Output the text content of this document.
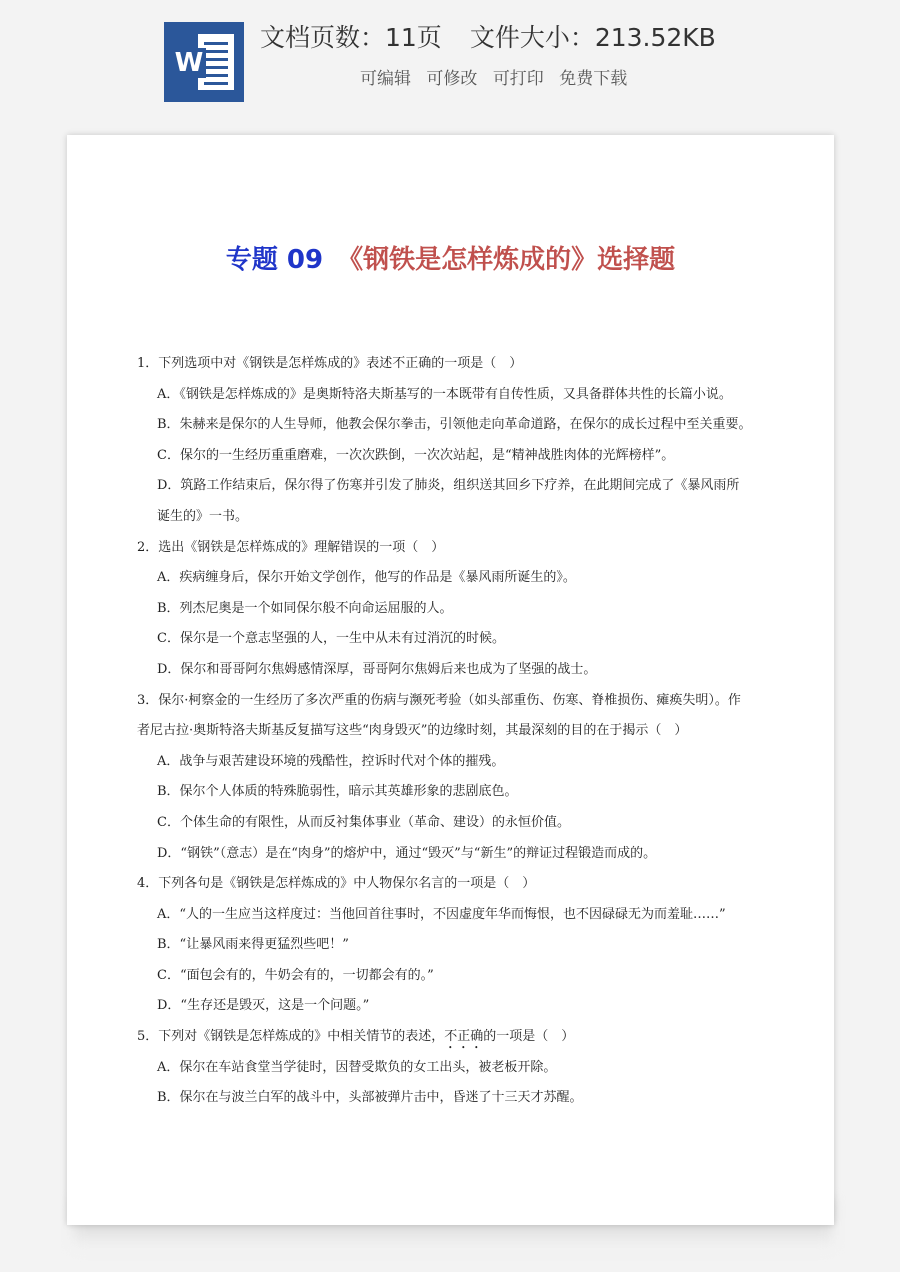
W
文档页数：11页 文件大小：213.52KB
可编辑 可修改 可打印 免费下载
专题 09 《钢铁是怎样炼成的》选择题
1．下列选项中对《钢铁是怎样炼成的》表述不正确的一项是（　）
A．《钢铁是怎样炼成的》是奥斯特洛夫斯基写的一本既带有自传性质，又具备群体共性的长篇小说。
B．朱赫来是保尔的人生导师，他教会保尔拳击，引领他走向革命道路，在保尔的成长过程中至关重要。
C．保尔的一生经历重重磨难，一次次跌倒，一次次站起，是“精神战胜肉体的光辉榜样”。
D．筑路工作结束后，保尔得了伤寒并引发了肺炎，组织送其回乡下疗养，在此期间完成了《暴风雨所
诞生的》一书。
2．选出《钢铁是怎样炼成的》理解错误的一项（　）
A．疾病缠身后，保尔开始文学创作，他写的作品是《暴风雨所诞生的》。
B．列杰尼奥是一个如同保尔般不向命运屈服的人。
C．保尔是一个意志坚强的人，一生中从未有过消沉的时候。
D．保尔和哥哥阿尔焦姆感情深厚，哥哥阿尔焦姆后来也成为了坚强的战士。
3．保尔·柯察金的一生经历了多次严重的伤病与濒死考验（如头部重伤、伤寒、脊椎损伤、瘫痪失明）。作
者尼古拉·奥斯特洛夫斯基反复描写这些“肉身毁灭”的边缘时刻，其最深刻的目的在于揭示（　）
A．战争与艰苦建设环境的残酷性，控诉时代对个体的摧残。
B．保尔个人体质的特殊脆弱性，暗示其英雄形象的悲剧底色。
C．个体生命的有限性，从而反衬集体事业（革命、建设）的永恒价值。
D．“钢铁”（意志）是在“肉身”的熔炉中，通过“毁灭”与“新生”的辩证过程锻造而成的。
4．下列各句是《钢铁是怎样炼成的》中人物保尔名言的一项是（　）
A．“人的一生应当这样度过：当他回首往事时，不因虚度年华而悔恨，也不因碌碌无为而羞耻……”
B．“让暴风雨来得更猛烈些吧！”
C．“面包会有的，牛奶会有的，一切都会有的。”
D．“生存还是毁灭，这是一个问题。”
5．下列对《钢铁是怎样炼成的》中相关情节的表述，不正确的一项是（　）
A．保尔在车站食堂当学徒时，因替受欺负的女工出头，被老板开除。
B．保尔在与波兰白军的战斗中，头部被弹片击中，昏迷了十三天才苏醒。
